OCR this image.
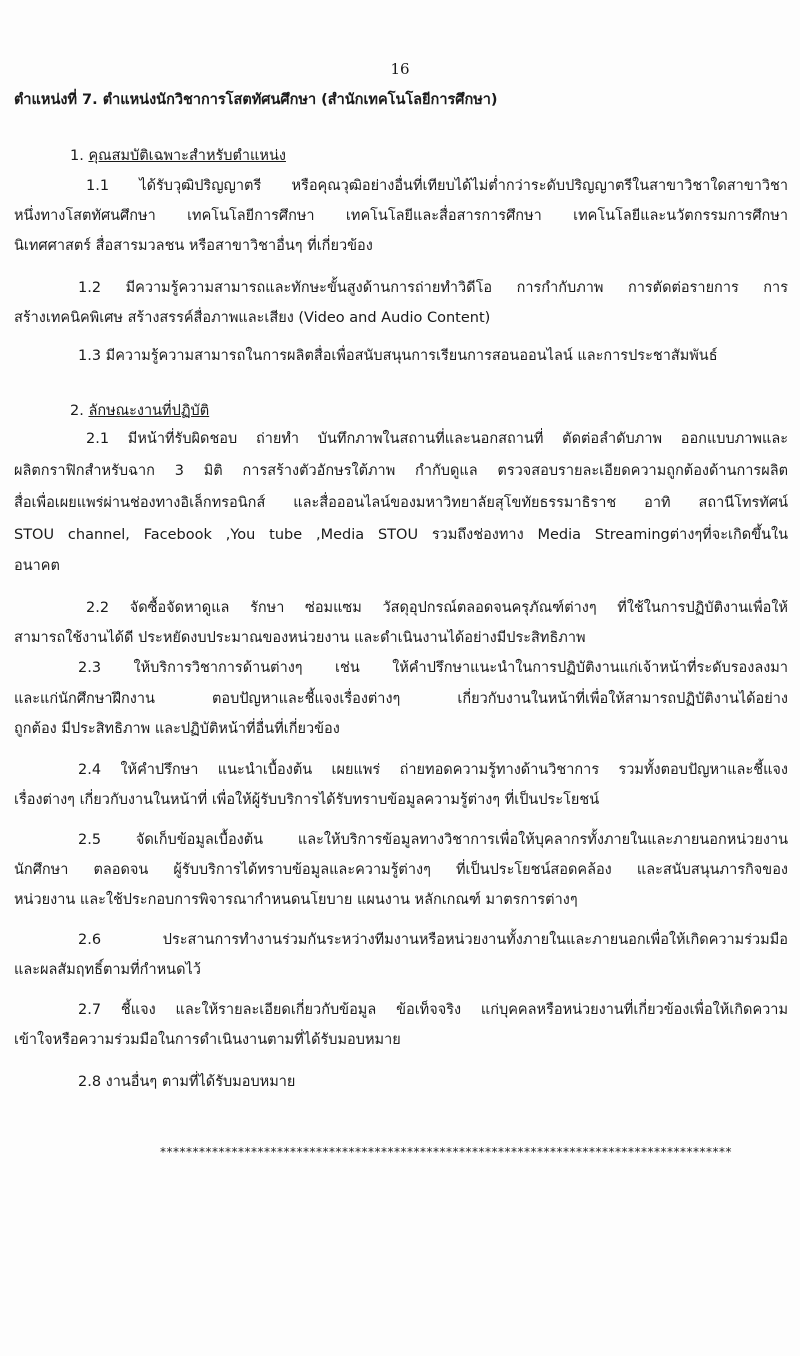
16
ตำแหน่งที่ 7. ตำแหน่งนักวิชาการโสตทัศนศึกษา (สำนักเทคโนโลยีการศึกษา)
1. คุณสมบัติเฉพาะสำหรับตำแหน่ง
1.1 ได้รับวุฒิปริญญาตรี หรือคุณวุฒิอย่างอื่นที่เทียบได้ไม่ต่ำกว่าระดับปริญญาตรีในสาขาวิชาใดสาขาวิชา
หนึ่งทางโสตทัศนศึกษา เทคโนโลยีการศึกษา เทคโนโลยีและสื่อสารการศึกษา เทคโนโลยีและนวัตกรรมการศึกษา
นิเทศศาสตร์ สื่อสารมวลชน หรือสาขาวิชาอื่นๆ ที่เกี่ยวข้อง
1.2 มีความรู้ความสามารถและทักษะขั้นสูงด้านการถ่ายทำวิดีโอ การกำกับภาพ การตัดต่อรายการ การ
สร้างเทคนิคพิเศษ สร้างสรรค์สื่อภาพและเสียง (Video and Audio Content)
1.3 มีความรู้ความสามารถในการผลิตสื่อเพื่อสนับสนุนการเรียนการสอนออนไลน์ และการประชาสัมพันธ์
2. ลักษณะงานที่ปฏิบัติ
2.1 มีหน้าที่รับผิดชอบ ถ่ายทำ บันทึกภาพในสถานที่และนอกสถานที่ ตัดต่อลำดับภาพ ออกแบบภาพและ
ผลิตกราฟิกสำหรับฉาก 3 มิติ การสร้างตัวอักษรใต้ภาพ กำกับดูแล ตรวจสอบรายละเอียดความถูกต้องด้านการผลิต
สื่อเพื่อเผยแพร่ผ่านช่องทางอิเล็กทรอนิกส์ และสื่อออนไลน์ของมหาวิทยาลัยสุโขทัยธรรมาธิราช อาทิ สถานีโทรทัศน์
STOU channel, Facebook ,You tube ,Media STOU รวมถึงช่องทาง Media Streamingต่างๆที่จะเกิดขึ้นใน
อนาคต
2.2 จัดซื้อจัดหาดูแล รักษา ซ่อมแซม วัสดุอุปกรณ์ตลอดจนครุภัณฑ์ต่างๆ ที่ใช้ในการปฏิบัติงานเพื่อให้
สามารถใช้งานได้ดี ประหยัดงบประมาณของหน่วยงาน และดำเนินงานได้อย่างมีประสิทธิภาพ
2.3 ให้บริการวิชาการด้านต่างๆ เช่น ให้คำปรึกษาแนะนำในการปฏิบัติงานแก่เจ้าหน้าที่ระดับรองลงมา
และแก่นักศึกษาฝึกงาน ตอบปัญหาและชี้แจงเรื่องต่างๆ เกี่ยวกับงานในหน้าที่เพื่อให้สามารถปฏิบัติงานได้อย่าง
ถูกต้อง มีประสิทธิภาพ และปฏิบัติหน้าที่อื่นที่เกี่ยวข้อง
2.4 ให้คำปรึกษา แนะนำเบื้องต้น เผยแพร่ ถ่ายทอดความรู้ทางด้านวิชาการ รวมทั้งตอบปัญหาและชี้แจง
เรื่องต่างๆ เกี่ยวกับงานในหน้าที่ เพื่อให้ผู้รับบริการได้รับทราบข้อมูลความรู้ต่างๆ ที่เป็นประโยชน์
2.5 จัดเก็บข้อมูลเบื้องต้น และให้บริการข้อมูลทางวิชาการเพื่อให้บุคลากรทั้งภายในและภายนอกหน่วยงาน
นักศึกษา ตลอดจน ผู้รับบริการได้ทราบข้อมูลและความรู้ต่างๆ ที่เป็นประโยชน์สอดคล้อง และสนับสนุนภารกิจของ
หน่วยงาน และใช้ประกอบการพิจารณากำหนดนโยบาย แผนงาน หลักเกณฑ์ มาตรการต่างๆ
2.6 ประสานการทำงานร่วมกันระหว่างทีมงานหรือหน่วยงานทั้งภายในและภายนอกเพื่อให้เกิดความร่วมมือ
และผลสัมฤทธิ์ตามที่กำหนดไว้
2.7 ชี้แจง และให้รายละเอียดเกี่ยวกับข้อมูล ข้อเท็จจริง แก่บุคคลหรือหน่วยงานที่เกี่ยวข้องเพื่อให้เกิดความ
เข้าใจหรือความร่วมมือในการดำเนินงานตามที่ได้รับมอบหมาย
2.8 งานอื่นๆ ตามที่ได้รับมอบหมาย
****************************************************************************************
